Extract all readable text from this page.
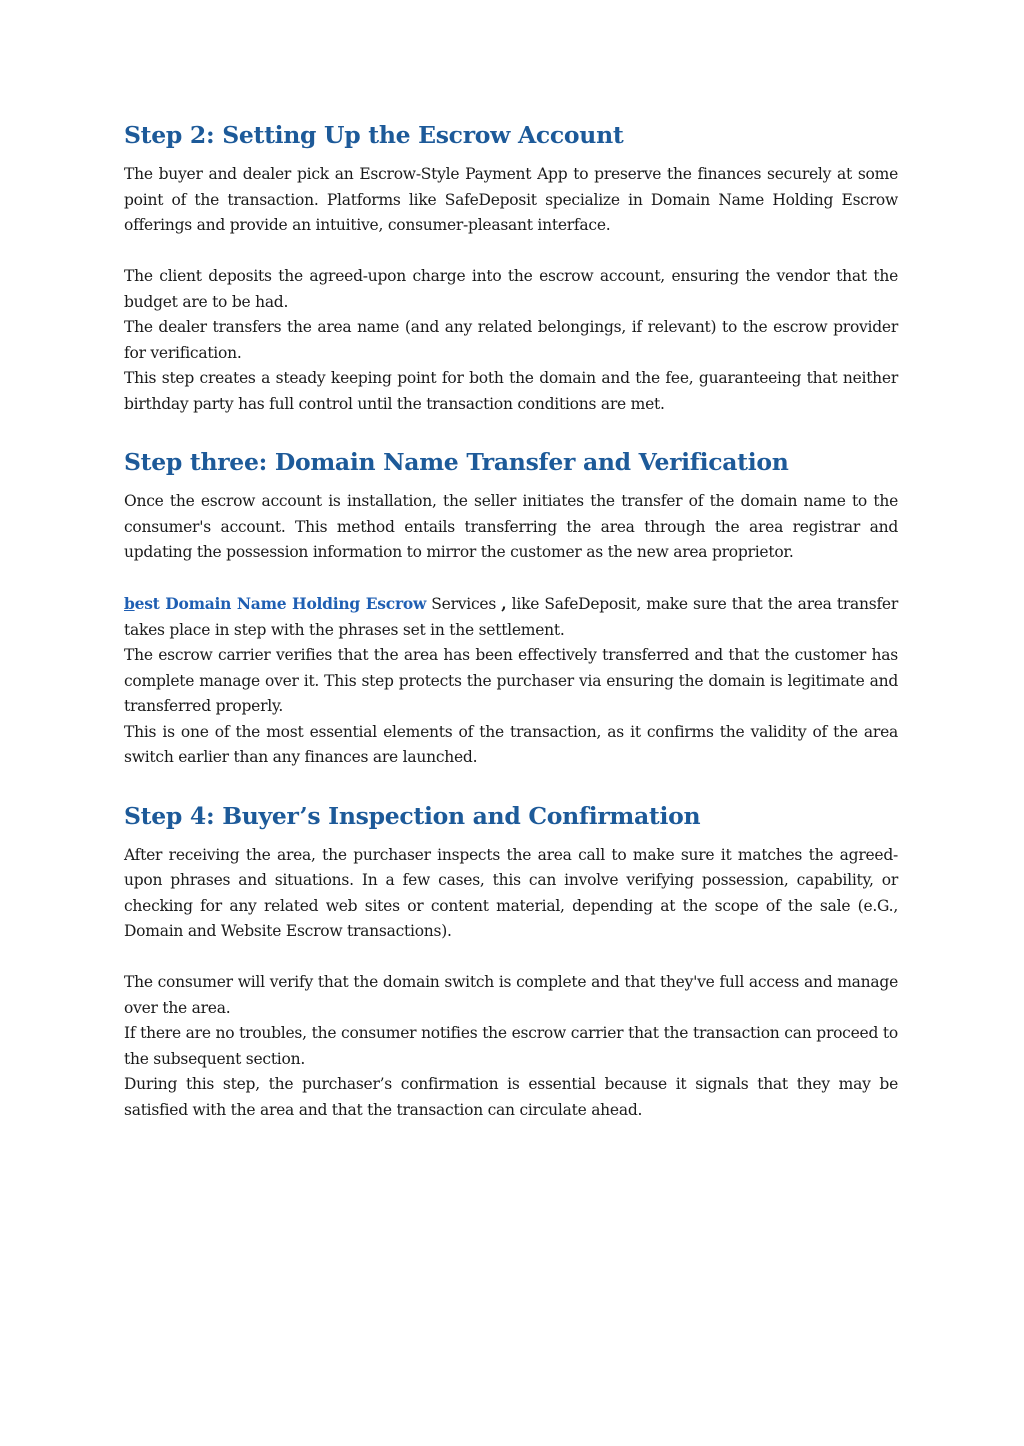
Step 2: Setting Up the Escrow Account

The buyer and dealer pick an Escrow-Style Payment App to preserve the finances securely at some point of the transaction. Platforms like SafeDeposit specialize in Domain Name Holding Escrow offerings and provide an intuitive, consumer-pleasant interface.

The client deposits the agreed-upon charge into the escrow account, ensuring the vendor that the budget are to be had.

The dealer transfers the area name (and any related belongings, if relevant) to the escrow provider for verification.

This step creates a steady keeping point for both the domain and the fee, guaranteeing that neither birthday party has full control until the transaction conditions are met.

Step three: Domain Name Transfer and Verification

Once the escrow account is installation, the seller initiates the transfer of the domain name to the consumer's account. This method entails transferring the area through the area registrar and updating the possession information to mirror the customer as the new area proprietor.

best Domain Name Holding Escrow Services , like SafeDeposit, make sure that the area transfer takes place in step with the phrases set in the settlement.

The escrow carrier verifies that the area has been effectively transferred and that the customer has complete manage over it. This step protects the purchaser via ensuring the domain is legitimate and transferred properly.

This is one of the most essential elements of the transaction, as it confirms the validity of the area switch earlier than any finances are launched.

Step 4: Buyer’s Inspection and Confirmation

After receiving the area, the purchaser inspects the area call to make sure it matches the agreed-upon phrases and situations. In a few cases, this can involve verifying possession, capability, or checking for any related web sites or content material, depending at the scope of the sale (e.G., Domain and Website Escrow transactions).

The consumer will verify that the domain switch is complete and that they've full access and manage over the area.

If there are no troubles, the consumer notifies the escrow carrier that the transaction can proceed to the subsequent section.

During this step, the purchaser’s confirmation is essential because it signals that they may be satisfied with the area and that the transaction can circulate ahead.
